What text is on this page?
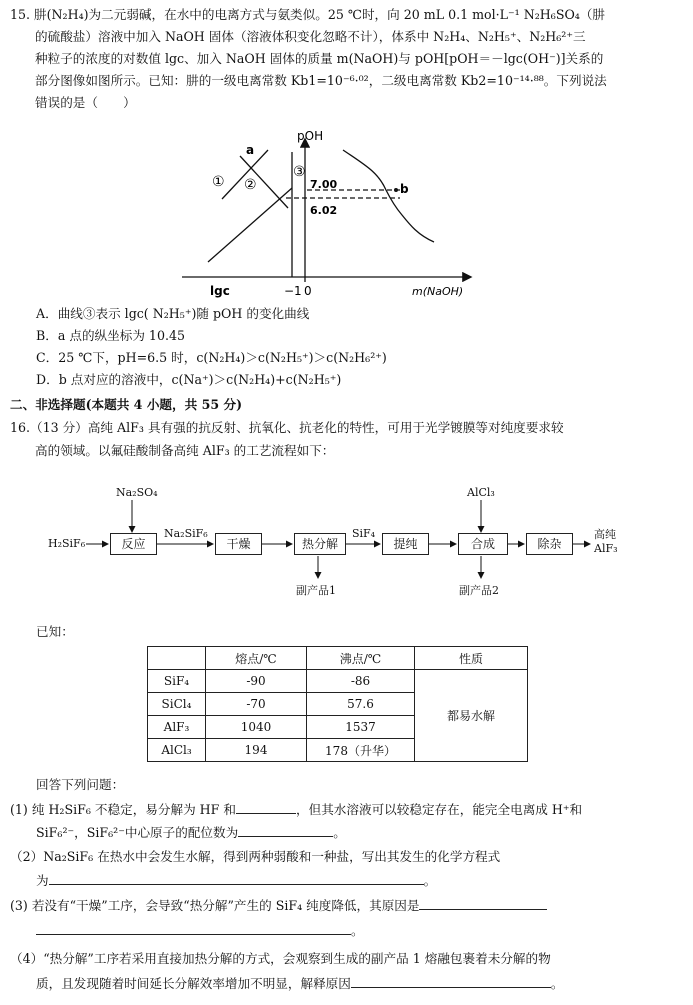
15. 肼(N₂H₄)为二元弱碱，在水中的电离方式与氨类似。25 ℃时，向 20 mL 0.1 mol·L⁻¹ N₂H₆SO₄（肼
的硫酸盐）溶液中加入 NaOH 固体（溶液体积变化忽略不计），体系中 N₂H₄、N₂H₅⁺、N₂H₆²⁺三
种粒子的浓度的对数值 lgc、加入 NaOH 固体的质量 m(NaOH)与 pOH[pOH＝－lgc(OH⁻)]关系的
部分图像如图所示。已知：肼的一级电离常数 Kb1=10⁻⁶·⁰²，二级电离常数 Kb2=10⁻¹⁴·⁸⁸。下列说法
错误的是（　　）
pOH
a
b
① ②
③
7.00
6.02
lgc	−1 0	m(NaOH)
A．曲线③表示 lgc( N₂H₅⁺)随 pOH 的变化曲线
B．a 点的纵坐标为 10.45
C．25 ℃下，pH=6.5 时，c(N₂H₄)＞c(N₂H₅⁺)＞c(N₂H₆²⁺)
D．b 点对应的溶液中，c(Na⁺)＞c(N₂H₄)+c(N₂H₅⁺)
二、非选择题(本题共 4 小题，共 55 分)
16.（13 分）高纯 AlF₃ 具有强的抗反射、抗氧化、抗老化的特性，可用于光学镀膜等对纯度要求较
高的领域。以氟硅酸制备高纯 AlF₃ 的工艺流程如下：
H₂SiF₆
Na₂SO₄
反应
Na₂SiF₆
干燥	热分解
SiF₄
提纯
AlCl₃
合成	除杂
高纯
AlF₃
副产品1	副产品2
已知：
	熔点/℃	沸点/℃	性质
SiF₄	-90	-86	都易水解
SiCl₄	-70	57.6	
AlF₃	1040	1537	
AlCl₃	194	178（升华）	
回答下列问题：
(1) 纯 H₂SiF₆ 不稳定，易分解为 HF 和	，但其水溶液可以较稳定存在，能完全电离成 H⁺和
SiF₆²⁻，SiF₆²⁻中心原子的配位数为	。
（2）Na₂SiF₆ 在热水中会发生水解，得到两种弱酸和一种盐，写出其发生的化学方程式
为	。
(3) 若没有“干燥”工序，会导致“热分解”产生的 SiF₄ 纯度降低，其原因是
。
（4）“热分解”工序若采用直接加热分解的方式，会观察到生成的副产品 1 熔融包裹着未分解的物
质，且发现随着时间延长分解效率增加不明显，解释原因	。
